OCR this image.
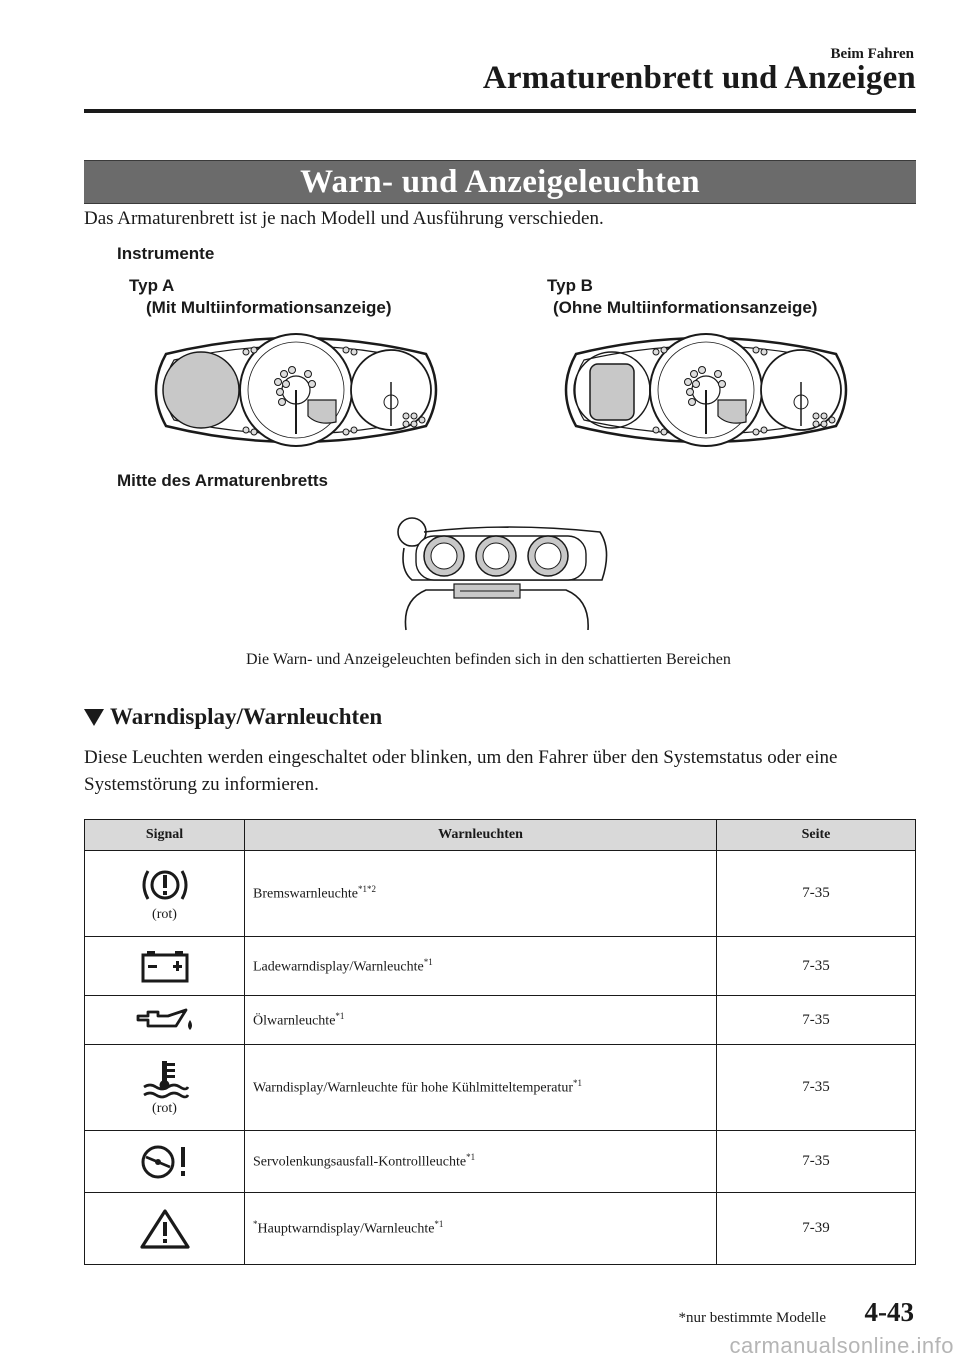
Beim Fahren
Armaturenbrett und Anzeigen
Warn- und Anzeigeleuchten
Das Armaturenbrett ist je nach Modell und Ausführung verschieden.
Instrumente
Typ A
(Mit Multiinformationsanzeige)
Typ B
(Ohne Multiinformationsanzeige)
Mitte des Armaturenbretts
Die Warn- und Anzeigeleuchten befinden sich in den schattierten Bereichen
Warndisplay/Warnleuchten
Diese Leuchten werden eingeschaltet oder blinken, um den Fahrer über den Systemstatus oder eine Systemstörung zu informieren.
Signal	Warnleuchten	Seite

(rot)	Bremswarnleuchte$^{*1*2}$	7-35

	Ladewarndisplay/Warnleuchte$^{*1}$	7-35

	Ölwarnleuchte$^{*1}$	7-35

(rot)	Warndisplay/Warnleuchte für hohe Kühlmitteltemperatur$^{*1}$	7-35

	Servolenkungsausfall-Kontrollleuchte$^{*1}$	7-35

	*Hauptwarndisplay/Warnleuchte$^{*1}$	7-39
*nur bestimmte Modelle 4-43
carmanualsonline.info
